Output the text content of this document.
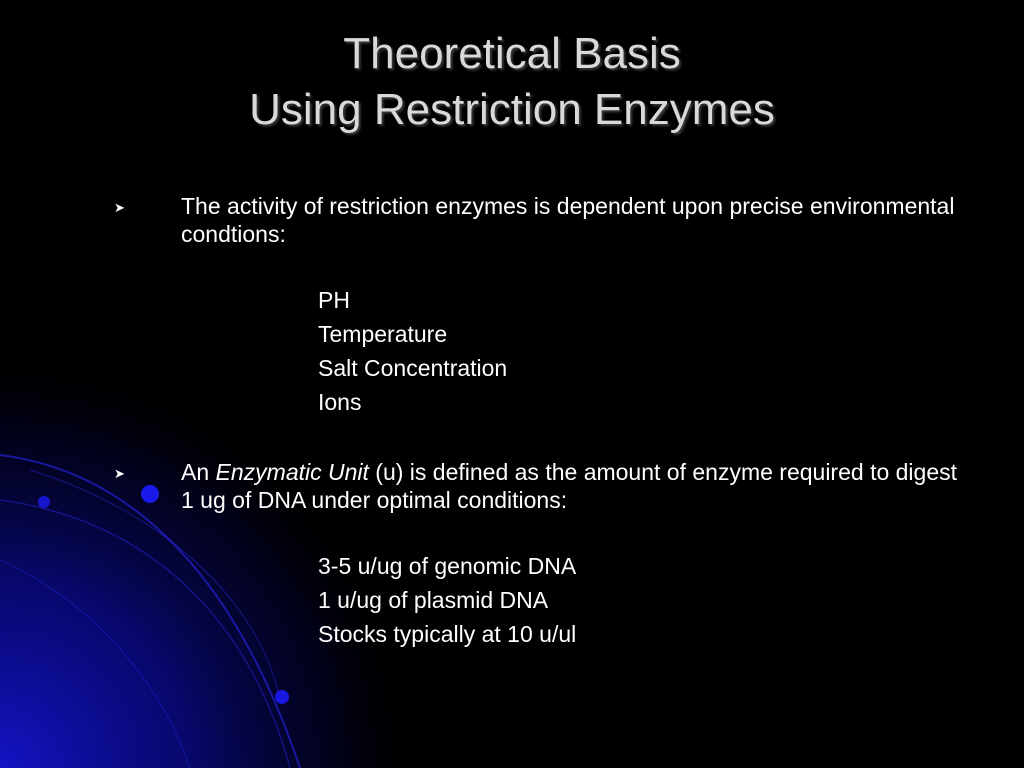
Theoretical Basis
Using Restriction Enzymes
➤ The activity of restriction enzymes is dependent upon precise environmental condtions:
PH
Temperature
Salt Concentration
Ions
➤ An Enzymatic Unit (u) is defined as the amount of enzyme required to digest 1 ug of DNA under optimal conditions:
3-5 u/ug of genomic DNA
1 u/ug of plasmid DNA
Stocks typically at 10 u/ul
